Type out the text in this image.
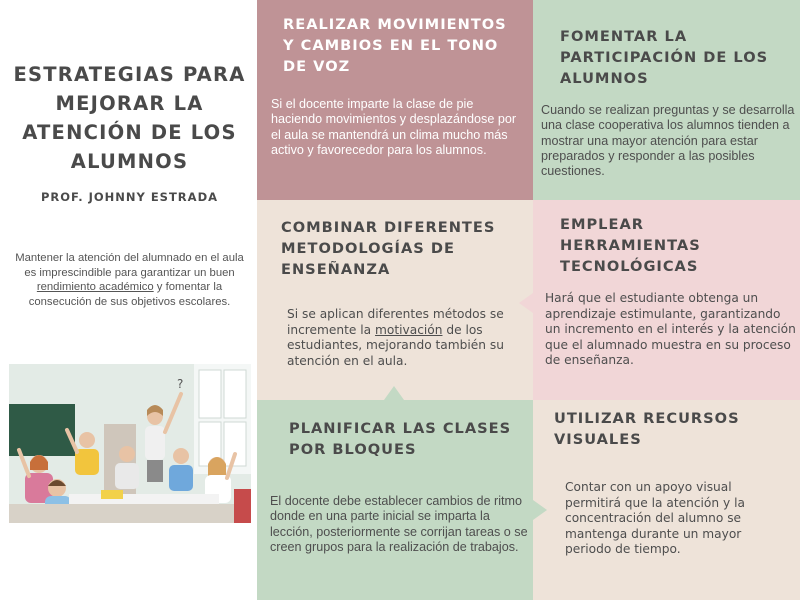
ESTRATEGIAS PARA MEJORAR LA ATENCIÓN DE LOS ALUMNOS
PROF. JOHNNY ESTRADA
Mantener la atención del alumnado en el aula es imprescindible para garantizar un buen rendimiento académico y fomentar la consecución de sus objetivos escolares.
?
REALIZAR MOVIMIENTOS Y CAMBIOS EN EL TONO DE VOZ
Si el docente imparte la clase de pie haciendo movimientos y desplazándose por el aula se mantendrá un clima mucho más activo y favorecedor para los alumnos.
FOMENTAR LA PARTICIPACIÓN DE LOS ALUMNOS
Cuando se realizan preguntas y se desarrolla una clase cooperativa los alumnos tienden a mostrar una mayor atención para estar preparados y responder a las posibles cuestiones.
COMBINAR DIFERENTES METODOLOGÍAS DE ENSEÑANZA
Si se aplican diferentes métodos se incremente la motivación de los estudiantes, mejorando también su atención en el aula.
EMPLEAR HERRAMIENTAS TECNOLÓGICAS
Hará que el estudiante obtenga un aprendizaje estimulante, garantizando un incremento en el interés y la atención que el alumnado muestra en su proceso de enseñanza.
PLANIFICAR LAS CLASES POR BLOQUES
El docente debe establecer cambios de ritmo donde en una parte inicial se imparta la lección, posteriormente se corrijan tareas o se creen grupos para la realización de trabajos.
UTILIZAR RECURSOS VISUALES
Contar con un apoyo visual permitirá que la atención y la concentración del alumno se mantenga durante un mayor periodo de tiempo.
